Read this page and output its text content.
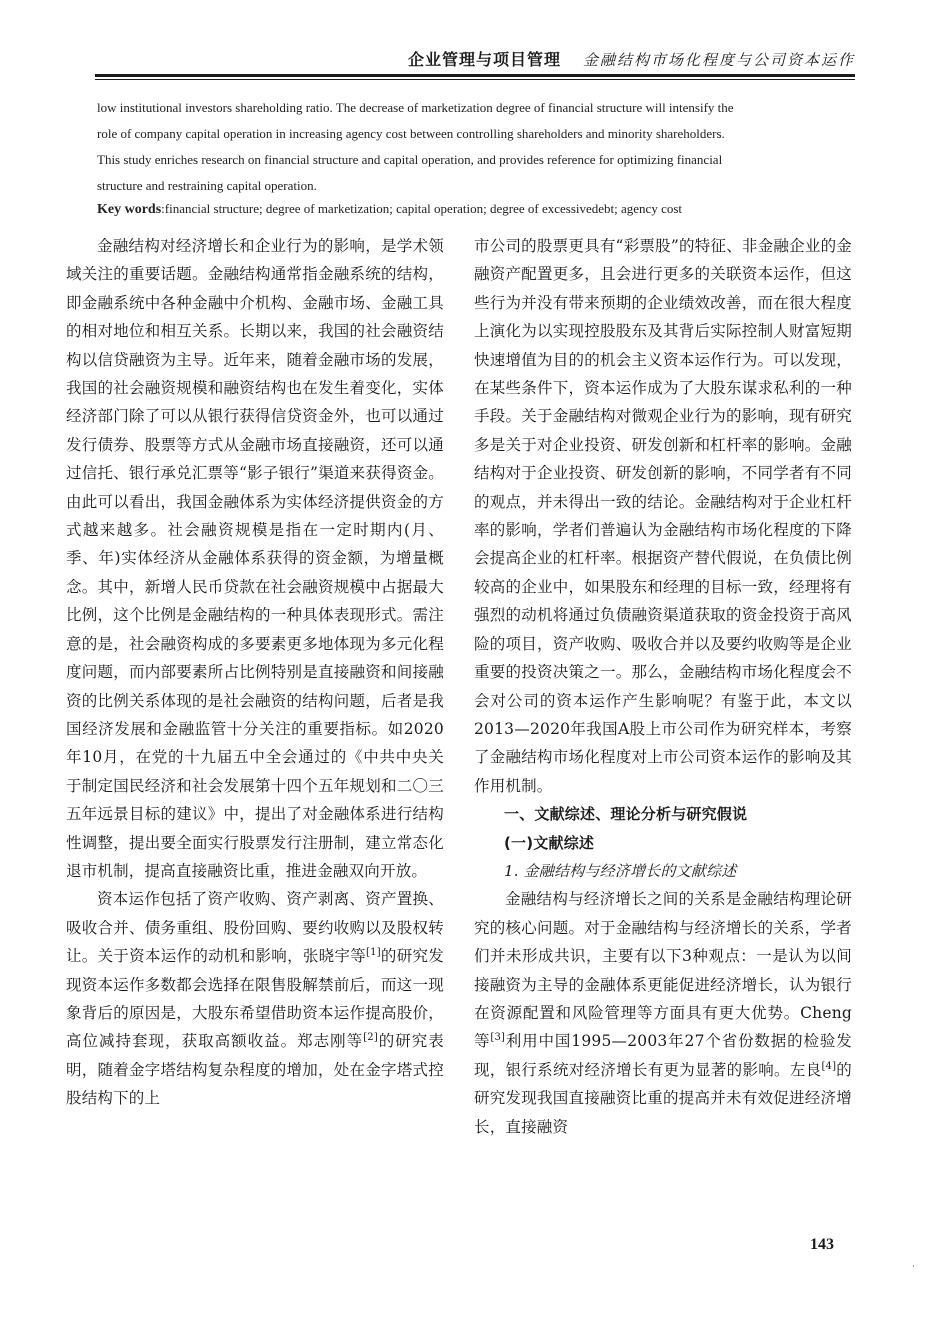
企业管理与项目管理 金融结构市场化程度与公司资本运作

low institutional investors shareholding ratio. The decrease of marketization degree of financial structure will intensify the

role of company capital operation in increasing agency cost between controlling shareholders and minority shareholders.

This study enriches research on financial structure and capital operation, and provides reference for optimizing financial

structure and restraining capital operation.

Key words:financial structure; degree of marketization; capital operation; degree of excessivedebt; agency cost

金融结构对经济增长和企业行为的影响，是学术领域关注的重要话题。金融结构通常指金融系统的结构，即金融系统中各种金融中介机构、金融市场、金融工具的相对地位和相互关系。长期以来，我国的社会融资结构以信贷融资为主导。近年来，随着金融市场的发展，我国的社会融资规模和融资结构也在发生着变化，实体经济部门除了可以从银行获得信贷资金外，也可以通过发行债券、股票等方式从金融市场直接融资，还可以通过信托、银行承兑汇票等“影子银行”渠道来获得资金。由此可以看出，我国金融体系为实体经济提供资金的方式越来越多。社会融资规模是指在一定时期内(月、季、年)实体经济从金融体系获得的资金额，为增量概念。其中，新增人民币贷款在社会融资规模中占据最大比例，这个比例是金融结构的一种具体表现形式。需注意的是，社会融资构成的多要素更多地体现为多元化程度问题，而内部要素所占比例特别是直接融资和间接融资的比例关系体现的是社会融资的结构问题，后者是我国经济发展和金融监管十分关注的重要指标。如2020年10月，在党的十九届五中全会通过的《中共中央关于制定国民经济和社会发展第十四个五年规划和二〇三五年远景目标的建议》中，提出了对金融体系进行结构性调整，提出要全面实行股票发行注册制，建立常态化退市机制，提高直接融资比重，推进金融双向开放。

资本运作包括了资产收购、资产剥离、资产置换、吸收合并、债务重组、股份回购、要约收购以及股权转让。关于资本运作的动机和影响，张晓宇等[1]的研究发现资本运作多数都会选择在限售股解禁前后，而这一现象背后的原因是，大股东希望借助资本运作提高股价，高位减持套现，获取高额收益。郑志刚等[2]的研究表明，随着金字塔结构复杂程度的增加，处在金字塔式控股结构下的上

市公司的股票更具有“彩票股”的特征、非金融企业的金融资产配置更多，且会进行更多的关联资本运作，但这些行为并没有带来预期的企业绩效改善，而在很大程度上演化为以实现控股股东及其背后实际控制人财富短期快速增值为目的的机会主义资本运作行为。可以发现，在某些条件下，资本运作成为了大股东谋求私利的一种手段。关于金融结构对微观企业行为的影响，现有研究多是关于对企业投资、研发创新和杠杆率的影响。金融结构对于企业投资、研发创新的影响，不同学者有不同的观点，并未得出一致的结论。金融结构对于企业杠杆率的影响，学者们普遍认为金融结构市场化程度的下降会提高企业的杠杆率。根据资产替代假说，在负债比例较高的企业中，如果股东和经理的目标一致，经理将有强烈的动机将通过负债融资渠道获取的资金投资于高风险的项目，资产收购、吸收合并以及要约收购等是企业重要的投资决策之一。那么，金融结构市场化程度会不会对公司的资本运作产生影响呢？有鉴于此，本文以2013—2020年我国A股上市公司作为研究样本，考察了金融结构市场化程度对上市公司资本运作的影响及其作用机制。

一、文献综述、理论分析与研究假说

(一)文献综述

1. 金融结构与经济增长的文献综述

金融结构与经济增长之间的关系是金融结构理论研究的核心问题。对于金融结构与经济增长的关系，学者们并未形成共识，主要有以下3种观点：一是认为以间接融资为主导的金融体系更能促进经济增长，认为银行在资源配置和风险管理等方面具有更大优势。Cheng等[3]利用中国1995—2003年27个省份数据的检验发现，银行系统对经济增长有更为显著的影响。左良[4]的研究发现我国直接融资比重的提高并未有效促进经济增长，直接融资

143
·
